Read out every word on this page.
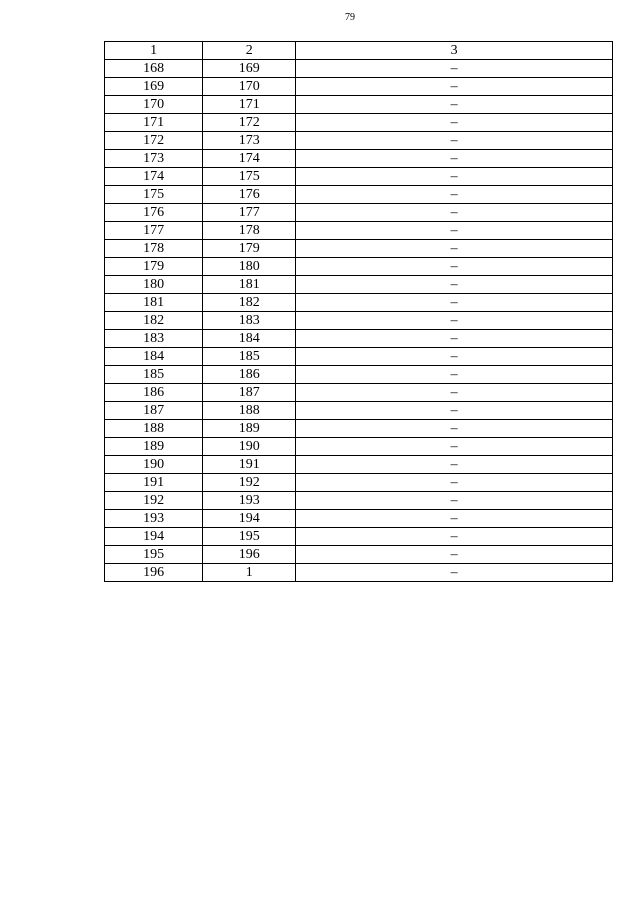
79
1	2	3
168	169	–
169	170	–
170	171	–
171	172	–
172	173	–
173	174	–
174	175	–
175	176	–
176	177	–
177	178	–
178	179	–
179	180	–
180	181	–
181	182	–
182	183	–
183	184	–
184	185	–
185	186	–
186	187	–
187	188	–
188	189	–
189	190	–
190	191	–
191	192	–
192	193	–
193	194	–
194	195	–
195	196	–
196	1	–
